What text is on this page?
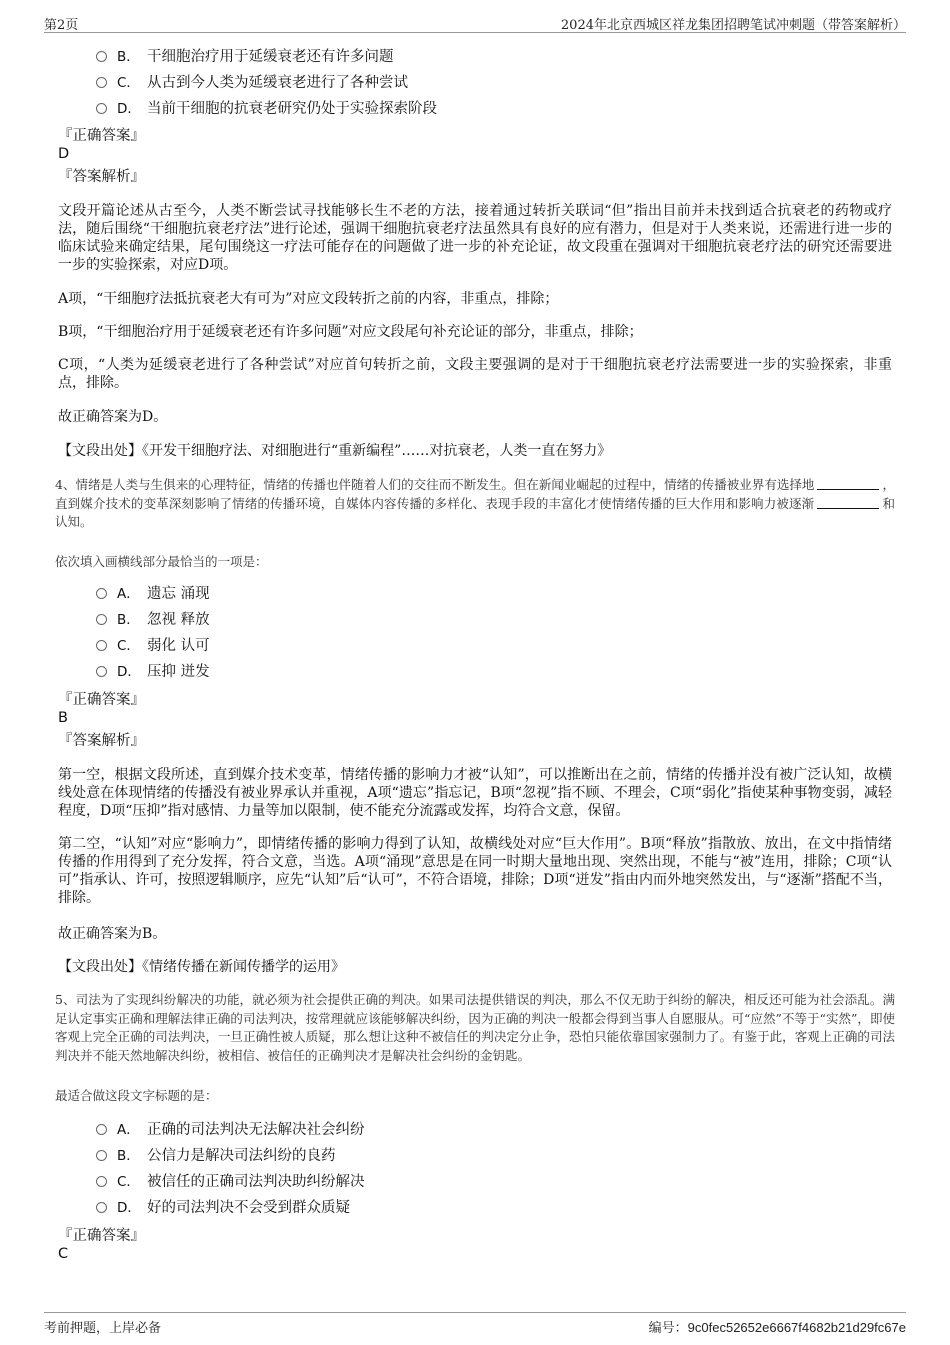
第2页	2024年北京西城区祥龙集团招聘笔试冲刺题（带答案解析）
B． 干细胞治疗用于延缓衰老还有许多问题
C． 从古到今人类为延缓衰老进行了各种尝试
D． 当前干细胞的抗衰老研究仍处于实验探索阶段
『正确答案』
D
『答案解析』
文段开篇论述从古至今，人类不断尝试寻找能够长生不老的方法，接着通过转折关联词“但”指出目前并未找到适合抗衰老的药物或疗法，随后围绕“干细胞抗衰老疗法”进行论述，强调干细胞抗衰老疗法虽然具有良好的应有潜力，但是对于人类来说，还需进行进一步的临床试验来确定结果，尾句围绕这一疗法可能存在的问题做了进一步的补充论证，故文段重在强调对干细胞抗衰老疗法的研究还需要进一步的实验探索，对应D项。
A项，“干细胞疗法抵抗衰老大有可为”对应文段转折之前的内容，非重点，排除；
B项，“干细胞治疗用于延缓衰老还有许多问题”对应文段尾句补充论证的部分，非重点，排除；
C项，“人类为延缓衰老进行了各种尝试”对应首句转折之前，文段主要强调的是对于干细胞抗衰老疗法需要进一步的实验探索，非重点，排除。
故正确答案为D。
【文段出处】《开发干细胞疗法、对细胞进行“重新编程”……对抗衰老，人类一直在努力》
4、情绪是人类与生俱来的心理特征，情绪的传播也伴随着人们的交往而不断发生。但在新闻业崛起的过程中，情绪的传播被业界有选择地	，直到媒介技术的变革深刻影响了情绪的传播环境，自媒体内容传播的多样化、表现手段的丰富化才使情绪传播的巨大作用和影响力被逐渐	和认知。
依次填入画横线部分最恰当的一项是：
A． 遗忘 涌现
B． 忽视 释放
C． 弱化 认可
D． 压抑 迸发
『正确答案』
B
『答案解析』
第一空，根据文段所述，直到媒介技术变革，情绪传播的影响力才被“认知”，可以推断出在之前，情绪的传播并没有被广泛认知，故横线处意在体现情绪的传播没有被业界承认并重视，A项“遗忘”指忘记，B项“忽视”指不顾、不理会，C项“弱化”指使某种事物变弱，减轻程度，D项“压抑”指对感情、力量等加以限制，使不能充分流露或发挥，均符合文意，保留。
第二空，“认知”对应“影响力”，即情绪传播的影响力得到了认知，故横线处对应“巨大作用”。B项“释放”指散放、放出，在文中指情绪传播的作用得到了充分发挥，符合文意，当选。A项“涌现”意思是在同一时期大量地出现、突然出现，不能与“被”连用，排除；C项“认可”指承认、许可，按照逻辑顺序，应先“认知”后“认可”，不符合语境，排除；D项“迸发”指由内而外地突然发出，与“逐渐”搭配不当，排除。
故正确答案为B。
【文段出处】《情绪传播在新闻传播学的运用》
5、司法为了实现纠纷解决的功能，就必须为社会提供正确的判决。如果司法提供错误的判决，那么不仅无助于纠纷的解决，相反还可能为社会添乱。满足认定事实正确和理解法律正确的司法判决，按常理就应该能够解决纠纷，因为正确的判决一般都会得到当事人自愿服从。可“应然”不等于“实然”，即使客观上完全正确的司法判决，一旦正确性被人质疑，那么想让这种不被信任的判决定分止争，恐怕只能依靠国家强制力了。有鉴于此，客观上正确的司法判决并不能天然地解决纠纷，被相信、被信任的正确判决才是解决社会纠纷的金钥匙。
最适合做这段文字标题的是：
A． 正确的司法判决无法解决社会纠纷
B． 公信力是解决司法纠纷的良药
C． 被信任的正确司法判决助纠纷解决
D． 好的司法判决不会受到群众质疑
『正确答案』
C
考前押题，上岸必备	编号：9c0fec52652e6667f4682b21d29fc67e
